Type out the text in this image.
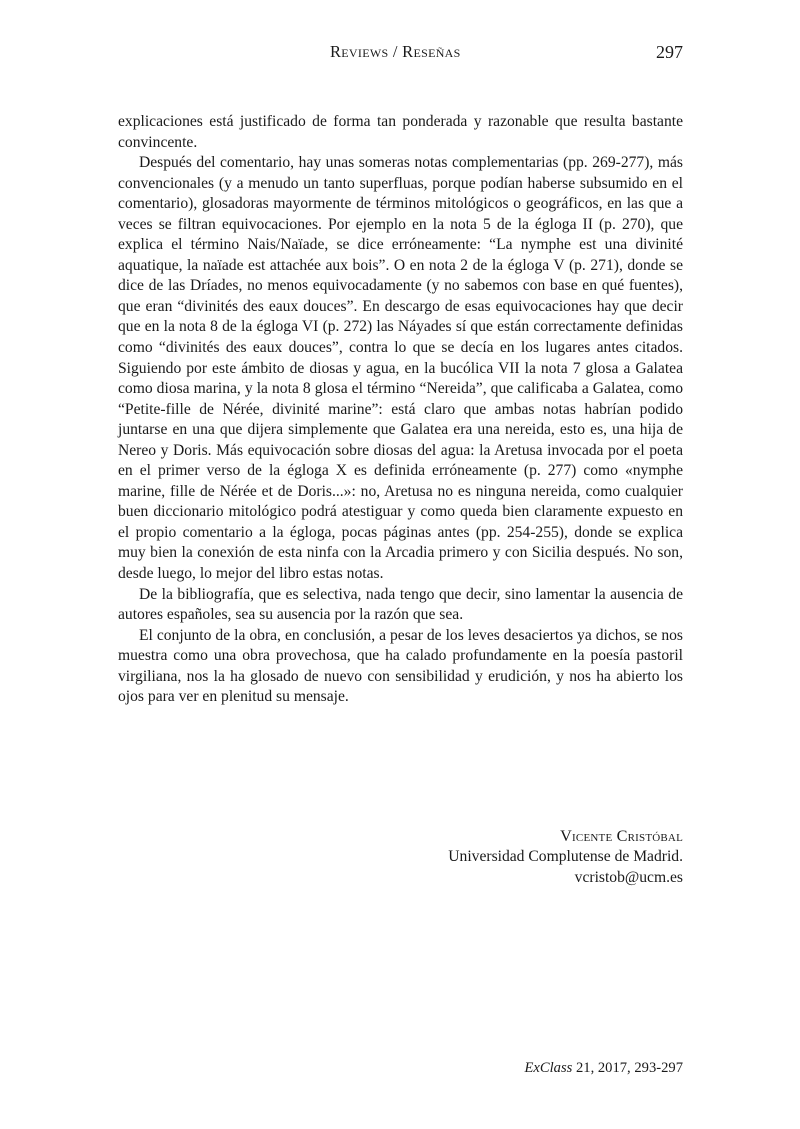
Reviews / Reseñas	297

explicaciones está justificado de forma tan ponderada y razonable que resulta bastante convincente.

Después del comentario, hay unas someras notas complementarias (pp. 269-277), más convencionales (y a menudo un tanto superfluas, porque podían haberse subsumido en el comentario), glosadoras mayormente de términos mitológicos o geográficos, en las que a veces se filtran equivocaciones. Por ejemplo en la nota 5 de la égloga II (p. 270), que explica el término Nais/Naïade, se dice erróneamente: “La nymphe est una divinité aquatique, la naïade est attachée aux bois”. O en nota 2 de la égloga V (p. 271), donde se dice de las Dríades, no menos equivocadamente (y no sabemos con base en qué fuentes), que eran “divinités des eaux douces”. En descargo de esas equivocaciones hay que decir que en la nota 8 de la égloga VI (p. 272) las Náyades sí que están correctamente definidas como “divinités des eaux douces”, contra lo que se decía en los lugares antes citados. Siguiendo por este ámbito de diosas y agua, en la bucólica VII la nota 7 glosa a Galatea como diosa marina, y la nota 8 glosa el término “Nereida”, que calificaba a Galatea, como “Petite-fille de Nérée, divinité marine”: está claro que ambas notas habrían podido juntarse en una que dijera simplemente que Galatea era una nereida, esto es, una hija de Nereo y Doris. Más equivocación sobre diosas del agua: la Aretusa invocada por el poeta en el primer verso de la égloga X es definida erróneamente (p. 277) como «nymphe marine, fille de Nérée et de Doris...»: no, Aretusa no es ninguna nereida, como cualquier buen diccionario mitológico podrá atestiguar y como queda bien claramente expuesto en el propio comentario a la égloga, pocas páginas antes (pp. 254-255), donde se explica muy bien la conexión de esta ninfa con la Arcadia primero y con Sicilia después. No son, desde luego, lo mejor del libro estas notas.

De la bibliografía, que es selectiva, nada tengo que decir, sino lamentar la ausencia de autores españoles, sea su ausencia por la razón que sea.

El conjunto de la obra, en conclusión, a pesar de los leves desaciertos ya dichos, se nos muestra como una obra provechosa, que ha calado profundamente en la poesía pastoril virgiliana, nos la ha glosado de nuevo con sensibilidad y erudición, y nos ha abierto los ojos para ver en plenitud su mensaje.

Vicente Cristóbal
Universidad Complutense de Madrid.
vcristob@ucm.es
ExClass 21, 2017, 293-297
